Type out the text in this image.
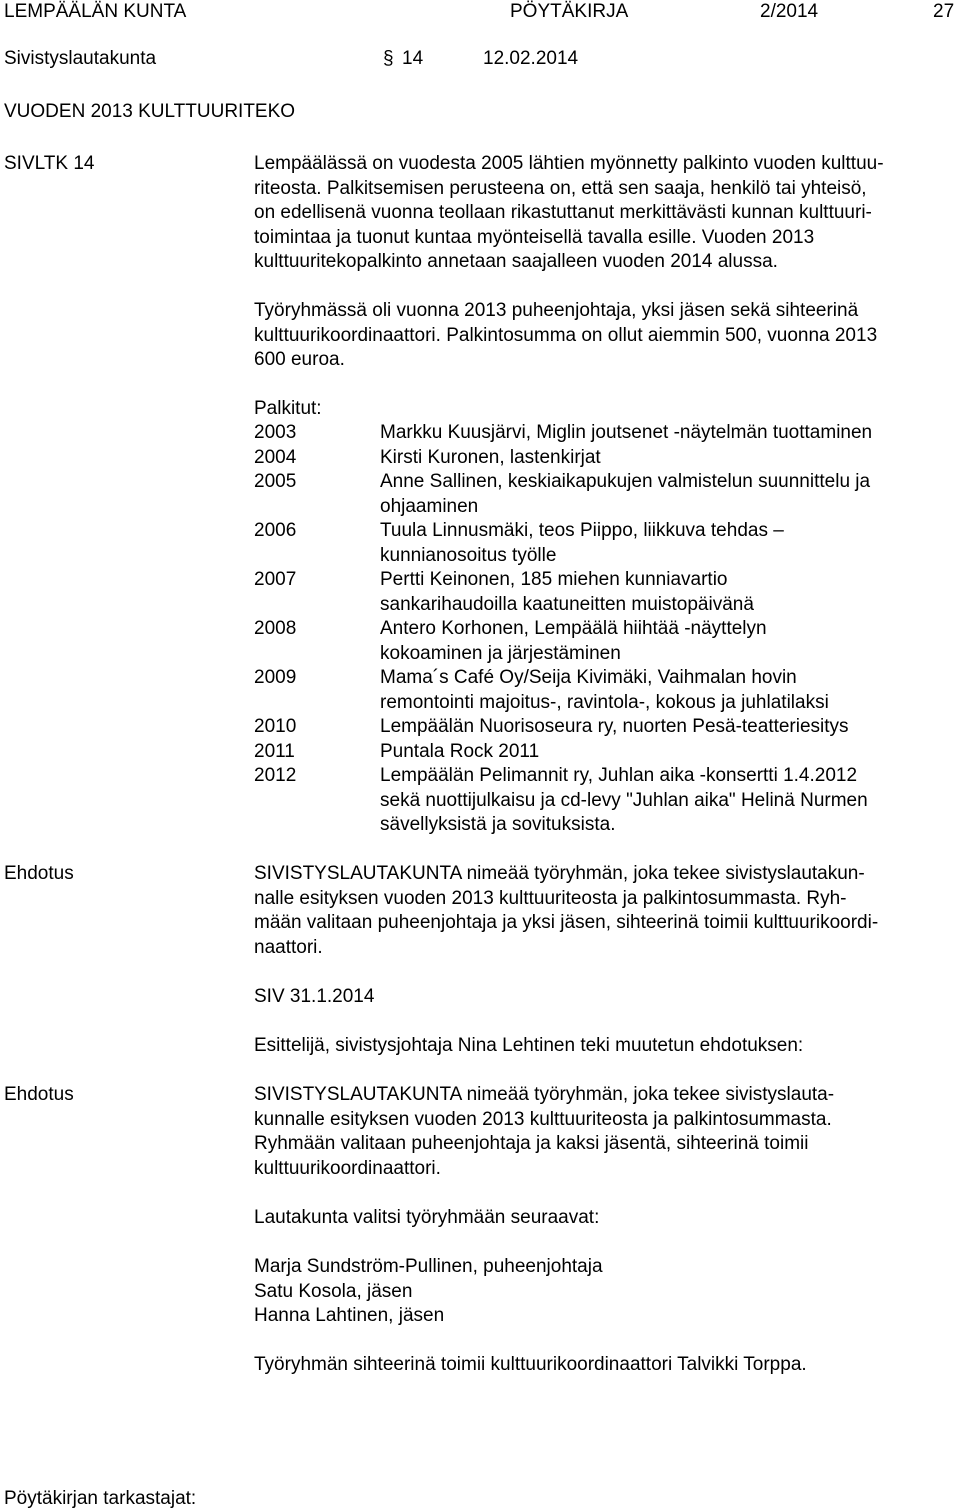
LEMPÄÄLÄN KUNTA	PÖYTÄKIRJA	2/2014	27
Sivistyslautakunta	§ 14	12.02.2014
VUODEN 2013 KULTTUURITEKO
SIVLTK 14	Lempäälässä on vuodesta 2005 lähtien myönnetty palkinto vuoden kulttuu-
riteosta. Palkitsemisen perusteena on, että sen saaja, henkilö tai yhteisö,
on edellisenä vuonna teollaan rikastuttanut merkittävästi kunnan kulttuuri-
toimintaa ja tuonut kuntaa myönteisellä tavalla esille. Vuoden 2013
kulttuuritekopalkinto annetaan saajalleen vuoden 2014 alussa.
Työryhmässä oli vuonna 2013 puheenjohtaja, yksi jäsen sekä sihteerinä
kulttuurikoordinaattori. Palkintosumma on ollut aiemmin 500, vuonna 2013
600 euroa.
Palkitut:
2003	Markku Kuusjärvi, Miglin joutsenet -näytelmän tuottaminen
2004	Kirsti Kuronen, lastenkirjat
2005	Anne Sallinen, keskiaikapukujen valmistelun suunnittelu ja
ohjaaminen
2006	Tuula Linnusmäki, teos Piippo, liikkuva tehdas –
kunnianosoitus työlle
2007	Pertti Keinonen, 185 miehen kunniavartio
sankarihaudoilla kaatuneitten muistopäivänä
2008	Antero Korhonen, Lempäälä hiihtää -näyttelyn
kokoaminen ja järjestäminen
2009	Mama´s Café Oy/Seija Kivimäki, Vaihmalan hovin
remontointi majoitus-, ravintola-, kokous ja juhlatilaksi
2010	Lempäälän Nuorisoseura ry, nuorten Pesä-teatteriesitys
2011	Puntala Rock 2011
2012	Lempäälän Pelimannit ry, Juhlan aika -konsertti 1.4.2012
sekä nuottijulkaisu ja cd-levy "Juhlan aika" Helinä Nurmen
sävellyksistä ja sovituksista.
Ehdotus	SIVISTYSLAUTAKUNTA nimeää työryhmän, joka tekee sivistyslautakun-
nalle esityksen vuoden 2013 kulttuuriteosta ja palkintosummasta. Ryh-
mään valitaan puheenjohtaja ja yksi jäsen, sihteerinä toimii kulttuurikoordi-
naattori.
SIV 31.1.2014
Esittelijä, sivistysjohtaja Nina Lehtinen teki muutetun ehdotuksen:
Ehdotus	SIVISTYSLAUTAKUNTA nimeää työryhmän, joka tekee sivistyslauta-
kunnalle esityksen vuoden 2013 kulttuuriteosta ja palkintosummasta.
Ryhmään valitaan puheenjohtaja ja kaksi jäsentä, sihteerinä toimii
kulttuurikoordinaattori.
Lautakunta valitsi työryhmään seuraavat:
Marja Sundström-Pullinen, puheenjohtaja
Satu Kosola, jäsen
Hanna Lahtinen, jäsen
Työryhmän sihteerinä toimii kulttuurikoordinaattori Talvikki Torppa.
Pöytäkirjan tarkastajat:
